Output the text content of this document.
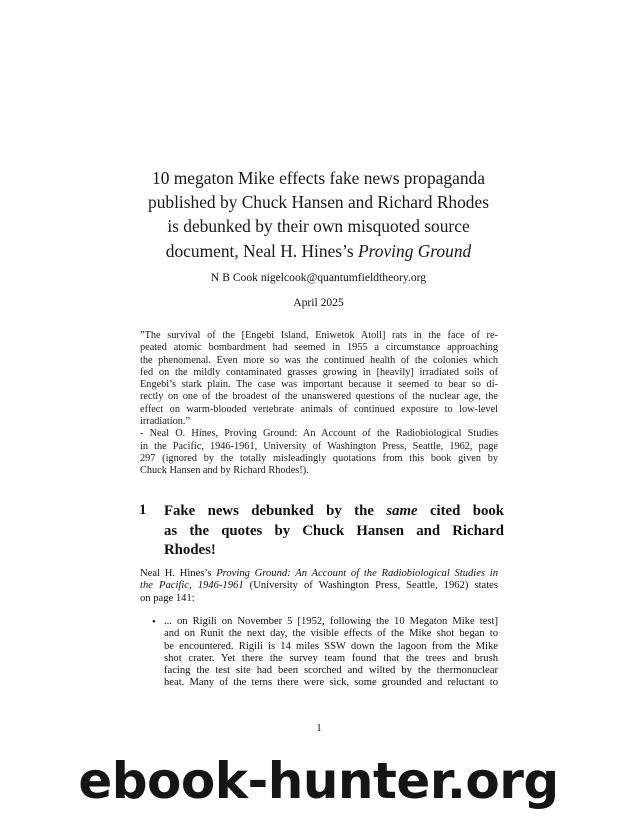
10 megaton Mike effects fake news propaganda
published by Chuck Hansen and Richard Rhodes
is debunked by their own misquoted source
document, Neal H. Hines’s Proving Ground
N B Cook nigelcook@quantumfieldtheory.org
April 2025
”The survival of the [Engebi Island, Eniwetok Atoll] rats in the face of re-
peated atomic bombardment had seemed in 1955 a circumstance approaching
the phenomenal. Even more so was the continued health of the colonies which
fed on the mildly contaminated grasses growing in [heavily] irradiated soils of
Engebi’s stark plain. The case was important because it seemed to bear so di-
rectly on one of the broadest of the unanswered questions of the nuclear age, the
effect on warm-blooded vertebrate animals of continued exposure to low-level
irradiation.”
- Neal O. Hines, Proving Ground: An Account of the Radiobiological Studies
in the Pacific, 1946-1961, University of Washington Press, Seattle, 1962, page
297 (ignored by the totally misleadingly quotations from this book given by
Chuck Hansen and by Richard Rhodes!).
1 Fake news debunked by the same cited book
as the quotes by Chuck Hansen and Richard
Rhodes!
Neal H. Hines’s Proving Ground: An Account of the Radiobiological Studies in
the Pacific, 1946-1961 (University of Washington Press, Seattle, 1962) states
on page 141:
• ... on Rigili on November 5 [1952, following the 10 Megaton Mike test]
and on Runit the next day, the visible effects of the Mike shot began to
be encountered. Rigili is 14 miles SSW down the lagoon from the Mike
shot crater. Yet there the survey team found that the trees and brush
facing the test site had been scorched and wilted by the thermonuclear
heat. Many of the terns there were sick, some grounded and reluctant to
1
ebook-hunter.org
